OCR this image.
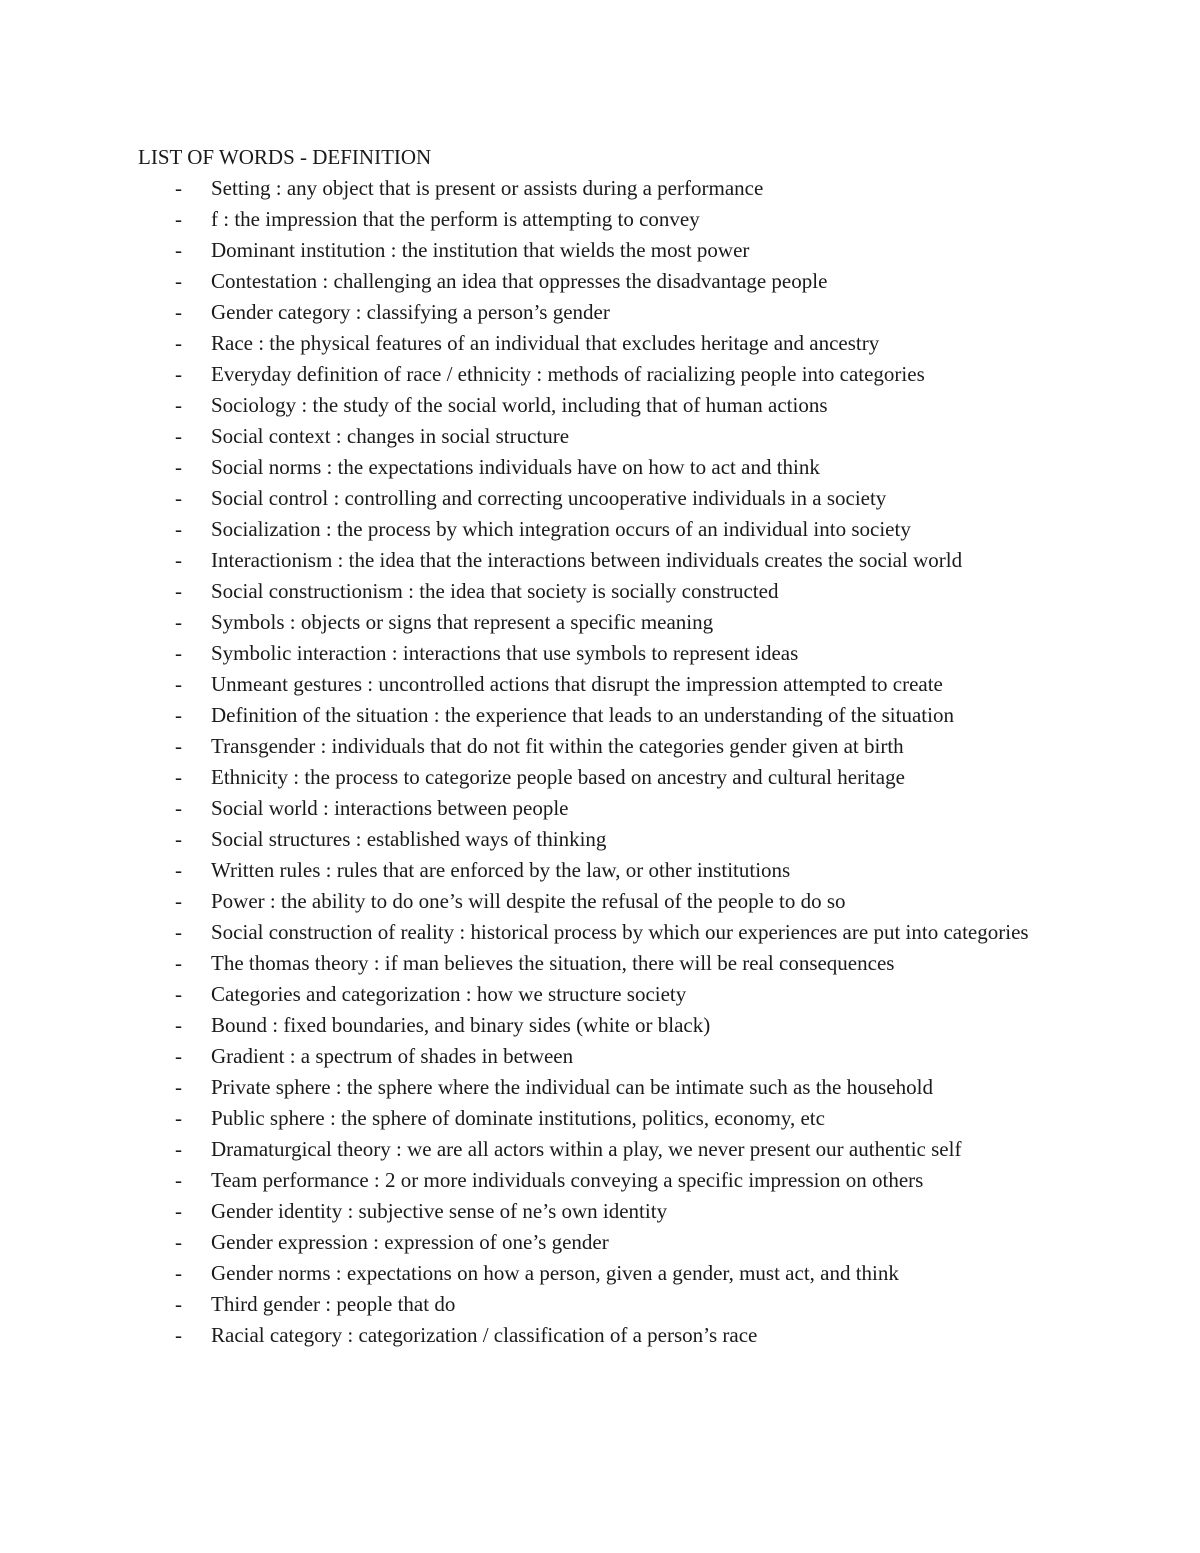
LIST OF WORDS - DEFINITION
- Setting : any object that is present or assists during a performance
- f : the impression that the perform is attempting to convey
- Dominant institution : the institution that wields the most power
- Contestation : challenging an idea that oppresses the disadvantage people
- Gender category : classifying a person’s gender
- Race : the physical features of an individual that excludes heritage and ancestry
- Everyday definition of race / ethnicity : methods of racializing people into categories
- Sociology : the study of the social world, including that of human actions
- Social context : changes in social structure
- Social norms : the expectations individuals have on how to act and think
- Social control : controlling and correcting uncooperative individuals in a society
- Socialization : the process by which integration occurs of an individual into society
- Interactionism : the idea that the interactions between individuals creates the social world
- Social constructionism : the idea that society is socially constructed
- Symbols : objects or signs that represent a specific meaning
- Symbolic interaction : interactions that use symbols to represent ideas
- Unmeant gestures : uncontrolled actions that disrupt the impression attempted to create
- Definition of the situation : the experience that leads to an understanding of the situation
- Transgender : individuals that do not fit within the categories gender given at birth
- Ethnicity : the process to categorize people based on ancestry and cultural heritage
- Social world : interactions between people
- Social structures : established ways of thinking
- Written rules : rules that are enforced by the law, or other institutions
- Power : the ability to do one’s will despite the refusal of the people to do so
- Social construction of reality : historical process by which our experiences are put into categories
- The thomas theory : if man believes the situation, there will be real consequences
- Categories and categorization : how we structure society
- Bound : fixed boundaries, and binary sides (white or black)
- Gradient : a spectrum of shades in between
- Private sphere : the sphere where the individual can be intimate such as the household
- Public sphere : the sphere of dominate institutions, politics, economy, etc
- Dramaturgical theory : we are all actors within a play, we never present our authentic self
- Team performance : 2 or more individuals conveying a specific impression on others
- Gender identity : subjective sense of ne’s own identity
- Gender expression : expression of one’s gender
- Gender norms : expectations on how a person, given a gender, must act, and think
- Third gender : people that do
- Racial category : categorization / classification of a person’s race
